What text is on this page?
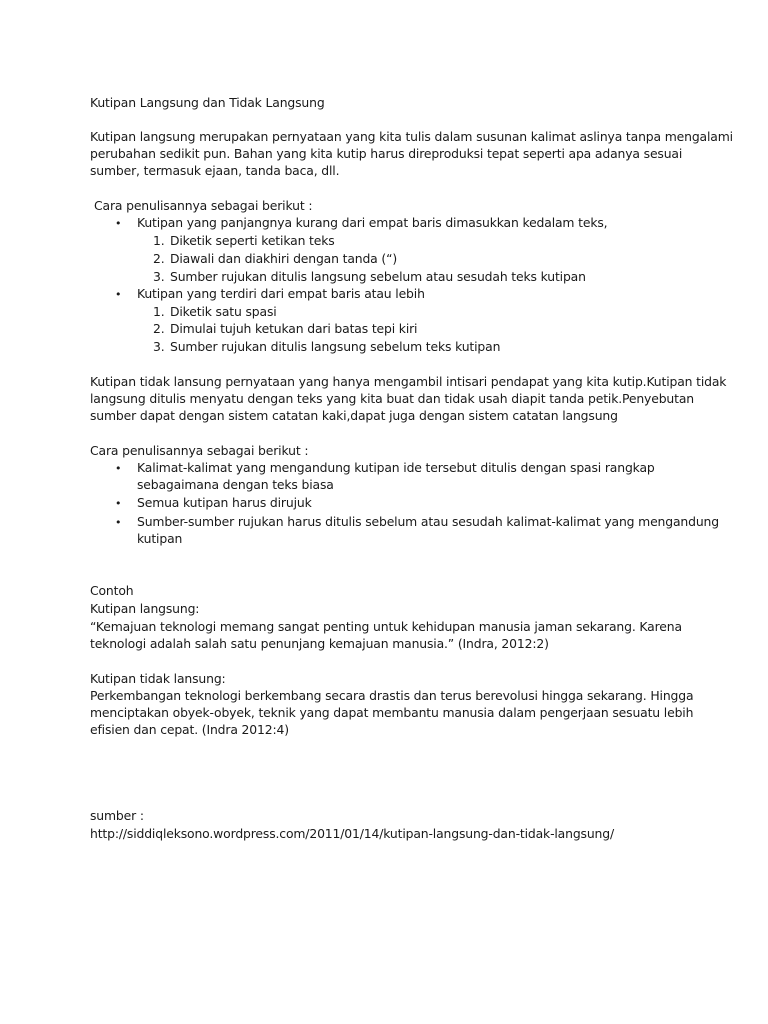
Kutipan Langsung dan Tidak Langsung
Kutipan langsung merupakan pernyataan yang kita tulis dalam susunan kalimat aslinya tanpa mengalami
perubahan sedikit pun. Bahan yang kita kutip harus direproduksi tepat seperti apa adanya sesuai
sumber, termasuk ejaan, tanda baca, dll.
Cara penulisannya sebagai berikut :
• Kutipan yang panjangnya kurang dari empat baris dimasukkan kedalam teks,
1. Diketik seperti ketikan teks
2. Diawali dan diakhiri dengan tanda (“)
3. Sumber rujukan ditulis langsung sebelum atau sesudah teks kutipan
• Kutipan yang terdiri dari empat baris atau lebih
1. Diketik satu spasi
2. Dimulai tujuh ketukan dari batas tepi kiri
3. Sumber rujukan ditulis langsung sebelum teks kutipan
Kutipan tidak lansung pernyataan yang hanya mengambil intisari pendapat yang kita kutip.Kutipan tidak
langsung ditulis menyatu dengan teks yang kita buat dan tidak usah diapit tanda petik.Penyebutan
sumber dapat dengan sistem catatan kaki,dapat juga dengan sistem catatan langsung
Cara penulisannya sebagai berikut :
• Kalimat-kalimat yang mengandung kutipan ide tersebut ditulis dengan spasi rangkap
sebagaimana dengan teks biasa
• Semua kutipan harus dirujuk
• Sumber-sumber rujukan harus ditulis sebelum atau sesudah kalimat-kalimat yang mengandung
kutipan
Contoh
Kutipan langsung:
“Kemajuan teknologi memang sangat penting untuk kehidupan manusia jaman sekarang. Karena
teknologi adalah salah satu penunjang kemajuan manusia.” (Indra, 2012:2)
Kutipan tidak lansung:
Perkembangan teknologi berkembang secara drastis dan terus berevolusi hingga sekarang. Hingga
menciptakan obyek-obyek, teknik yang dapat membantu manusia dalam pengerjaan sesuatu lebih
efisien dan cepat. (Indra 2012:4)
sumber :
http://siddiqleksono.wordpress.com/2011/01/14/kutipan-langsung-dan-tidak-langsung/
